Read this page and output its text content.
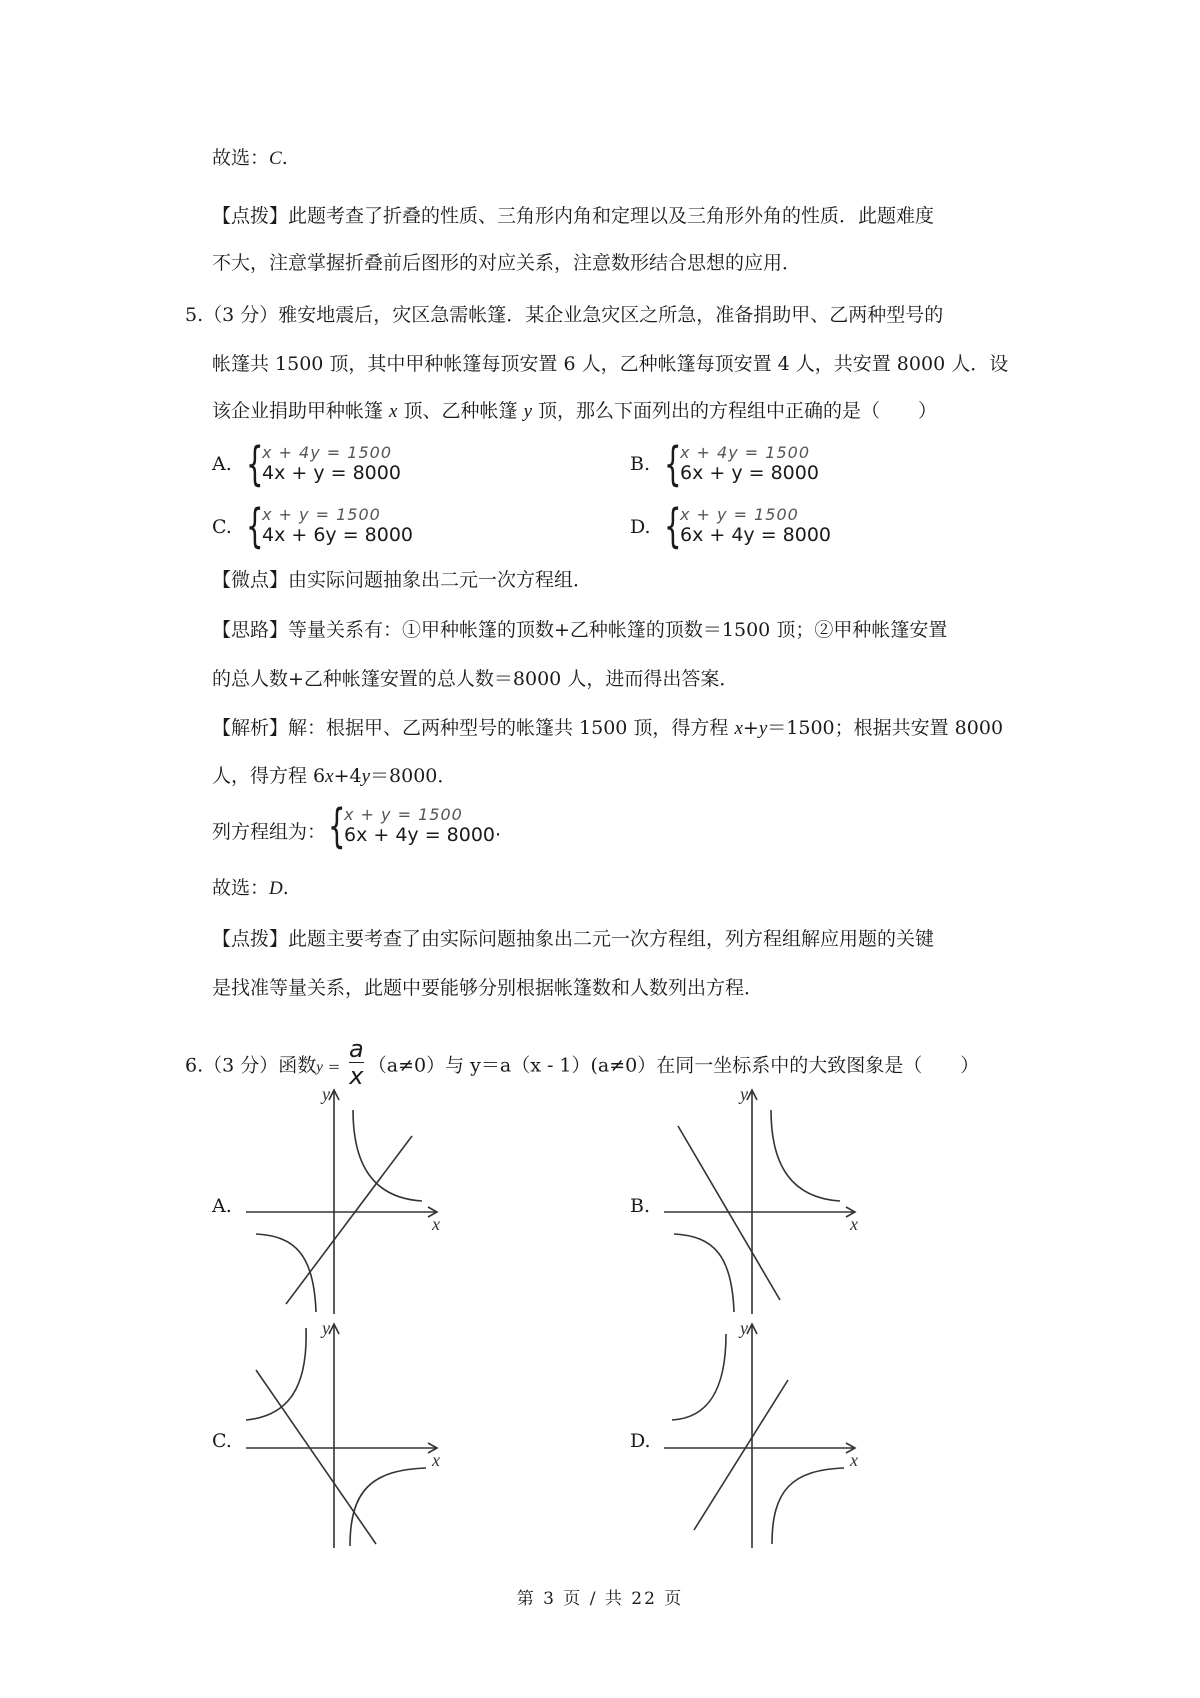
故选：C.
【点拨】此题考查了折叠的性质、三角形内角和定理以及三角形外角的性质．此题难度
不大，注意掌握折叠前后图形的对应关系，注意数形结合思想的应用．
5.（3 分）雅安地震后，灾区急需帐篷．某企业急灾区之所急，准备捐助甲、乙两种型号的
帐篷共 1500 顶，其中甲种帐篷每顶安置 6 人，乙种帐篷每顶安置 4 人，共安置 8000 人．设
该企业捐助甲种帐篷 x 顶、乙种帐篷 y 顶，那么下面列出的方程组中正确的是（　　）
A. {
x + 4y = 1500
4x + y = 8000	B. {
x + 4y = 1500
6x + y = 8000
C. {
x + y = 1500
4x + 6y = 8000	D. {
x + y = 1500
6x + 4y = 8000
【微点】由实际问题抽象出二元一次方程组．
【思路】等量关系有：①甲种帐篷的顶数+乙种帐篷的顶数＝1500 顶；②甲种帐篷安置
的总人数+乙种帐篷安置的总人数＝8000 人，进而得出答案．
【解析】解：根据甲、乙两种型号的帐篷共 1500 顶，得方程 x+y＝1500；根据共安置 8000
人，得方程 6x+4y＝8000．
列方程组为： {
x + y = 1500
6x + 4y = 8000·
故选：D.
【点拨】此题主要考查了由实际问题抽象出二元一次方程组，列方程组解应用题的关键
是找准等量关系，此题中要能够分别根据帐篷数和人数列出方程．
6.（3 分）函数$y = \frac{a}{x} (a\ne 0)$与 y＝a（x - 1）(a≠0）在同一坐标系中的大致图象是（　　）
A.
y
x
B.
y
x
C.
y
x
D.
y
x
第 3 页 / 共 22 页
